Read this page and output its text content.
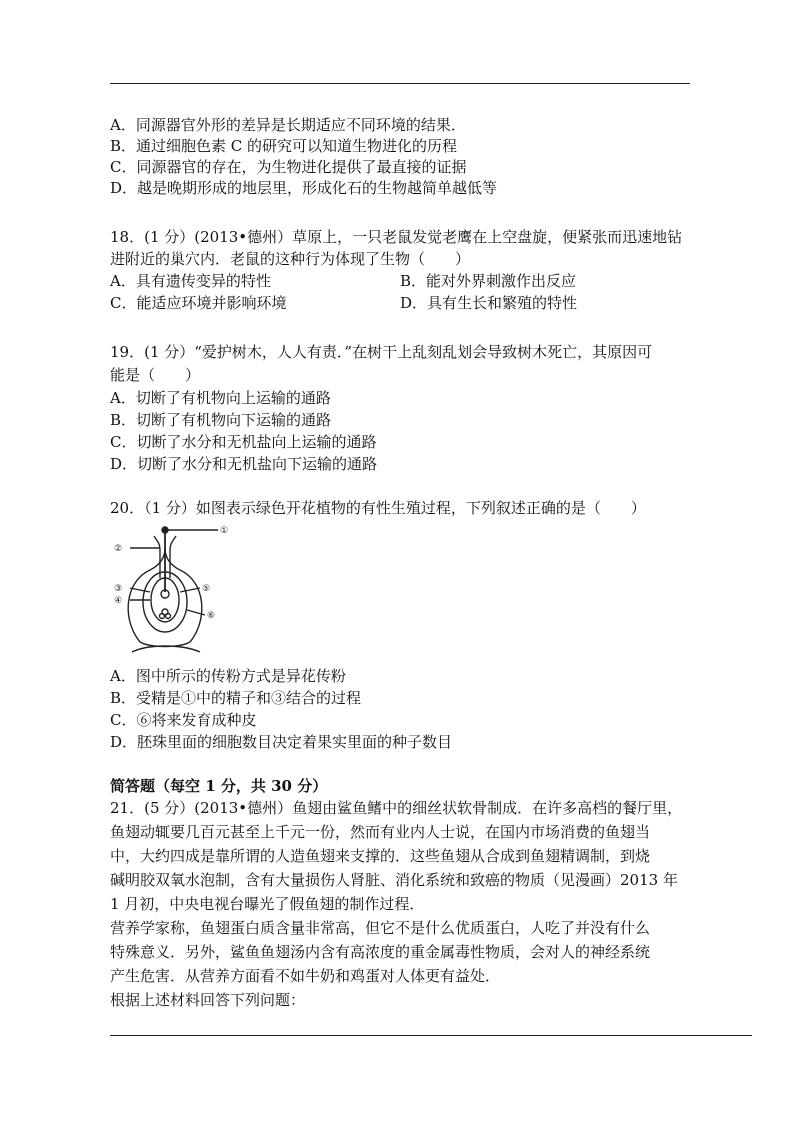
A．同源器官外形的差异是长期适应不同环境的结果．
B．通过细胞色素 C 的研究可以知道生物进化的历程
C．同源器官的存在，为生物进化提供了最直接的证据
D．越是晚期形成的地层里，形成化石的生物越简单越低等
18．(1 分）(2013•德州）草原上，一只老鼠发觉老鹰在上空盘旋，便紧张而迅速地钻
进附近的巢穴内．老鼠的这种行为体现了生物（　　）
A．具有遗传变异的特性	B．能对外界刺激作出反应
C．能适应环境并影响环境	D．具有生长和繁殖的特性
19．(1 分）“爱护树木，人人有责．”在树干上乱刻乱划会导致树木死亡，其原因可
能是（　　）
A．切断了有机物向上运输的通路
B．切断了有机物向下运输的通路
C．切断了水分和无机盐向上运输的通路
D．切断了水分和无机盐向下运输的通路
20．（1 分）如图表示绿色开花植物的有性生殖过程，下列叙述正确的是（　　）
①
②
③
④
⑤
⑥
A．图中所示的传粉方式是异花传粉
B．受精是①中的精子和③结合的过程
C．⑥将来发育成种皮
D．胚珠里面的细胞数目决定着果实里面的种子数目
简答题（每空 1 分，共 30 分）
21．(5 分）(2013•德州）鱼翅由鲨鱼鳍中的细丝状软骨制成．在许多高档的餐厅里，
鱼翅动辄要几百元甚至上千元一份，然而有业内人士说，在国内市场消费的鱼翅当
中，大约四成是靠所谓的人造鱼翅来支撑的．这些鱼翅从合成到鱼翅精调制，到烧
碱明胶双氧水泡制，含有大量损伤人肾脏、消化系统和致癌的物质（见漫画）2013 年
1 月初，中央电视台曝光了假鱼翅的制作过程．
营养学家称，鱼翅蛋白质含量非常高，但它不是什么优质蛋白，人吃了并没有什么
特殊意义．另外，鲨鱼鱼翅汤内含有高浓度的重金属毒性物质，会对人的神经系统
产生危害．从营养方面看不如牛奶和鸡蛋对人体更有益处．
根据上述材料回答下列问题：
